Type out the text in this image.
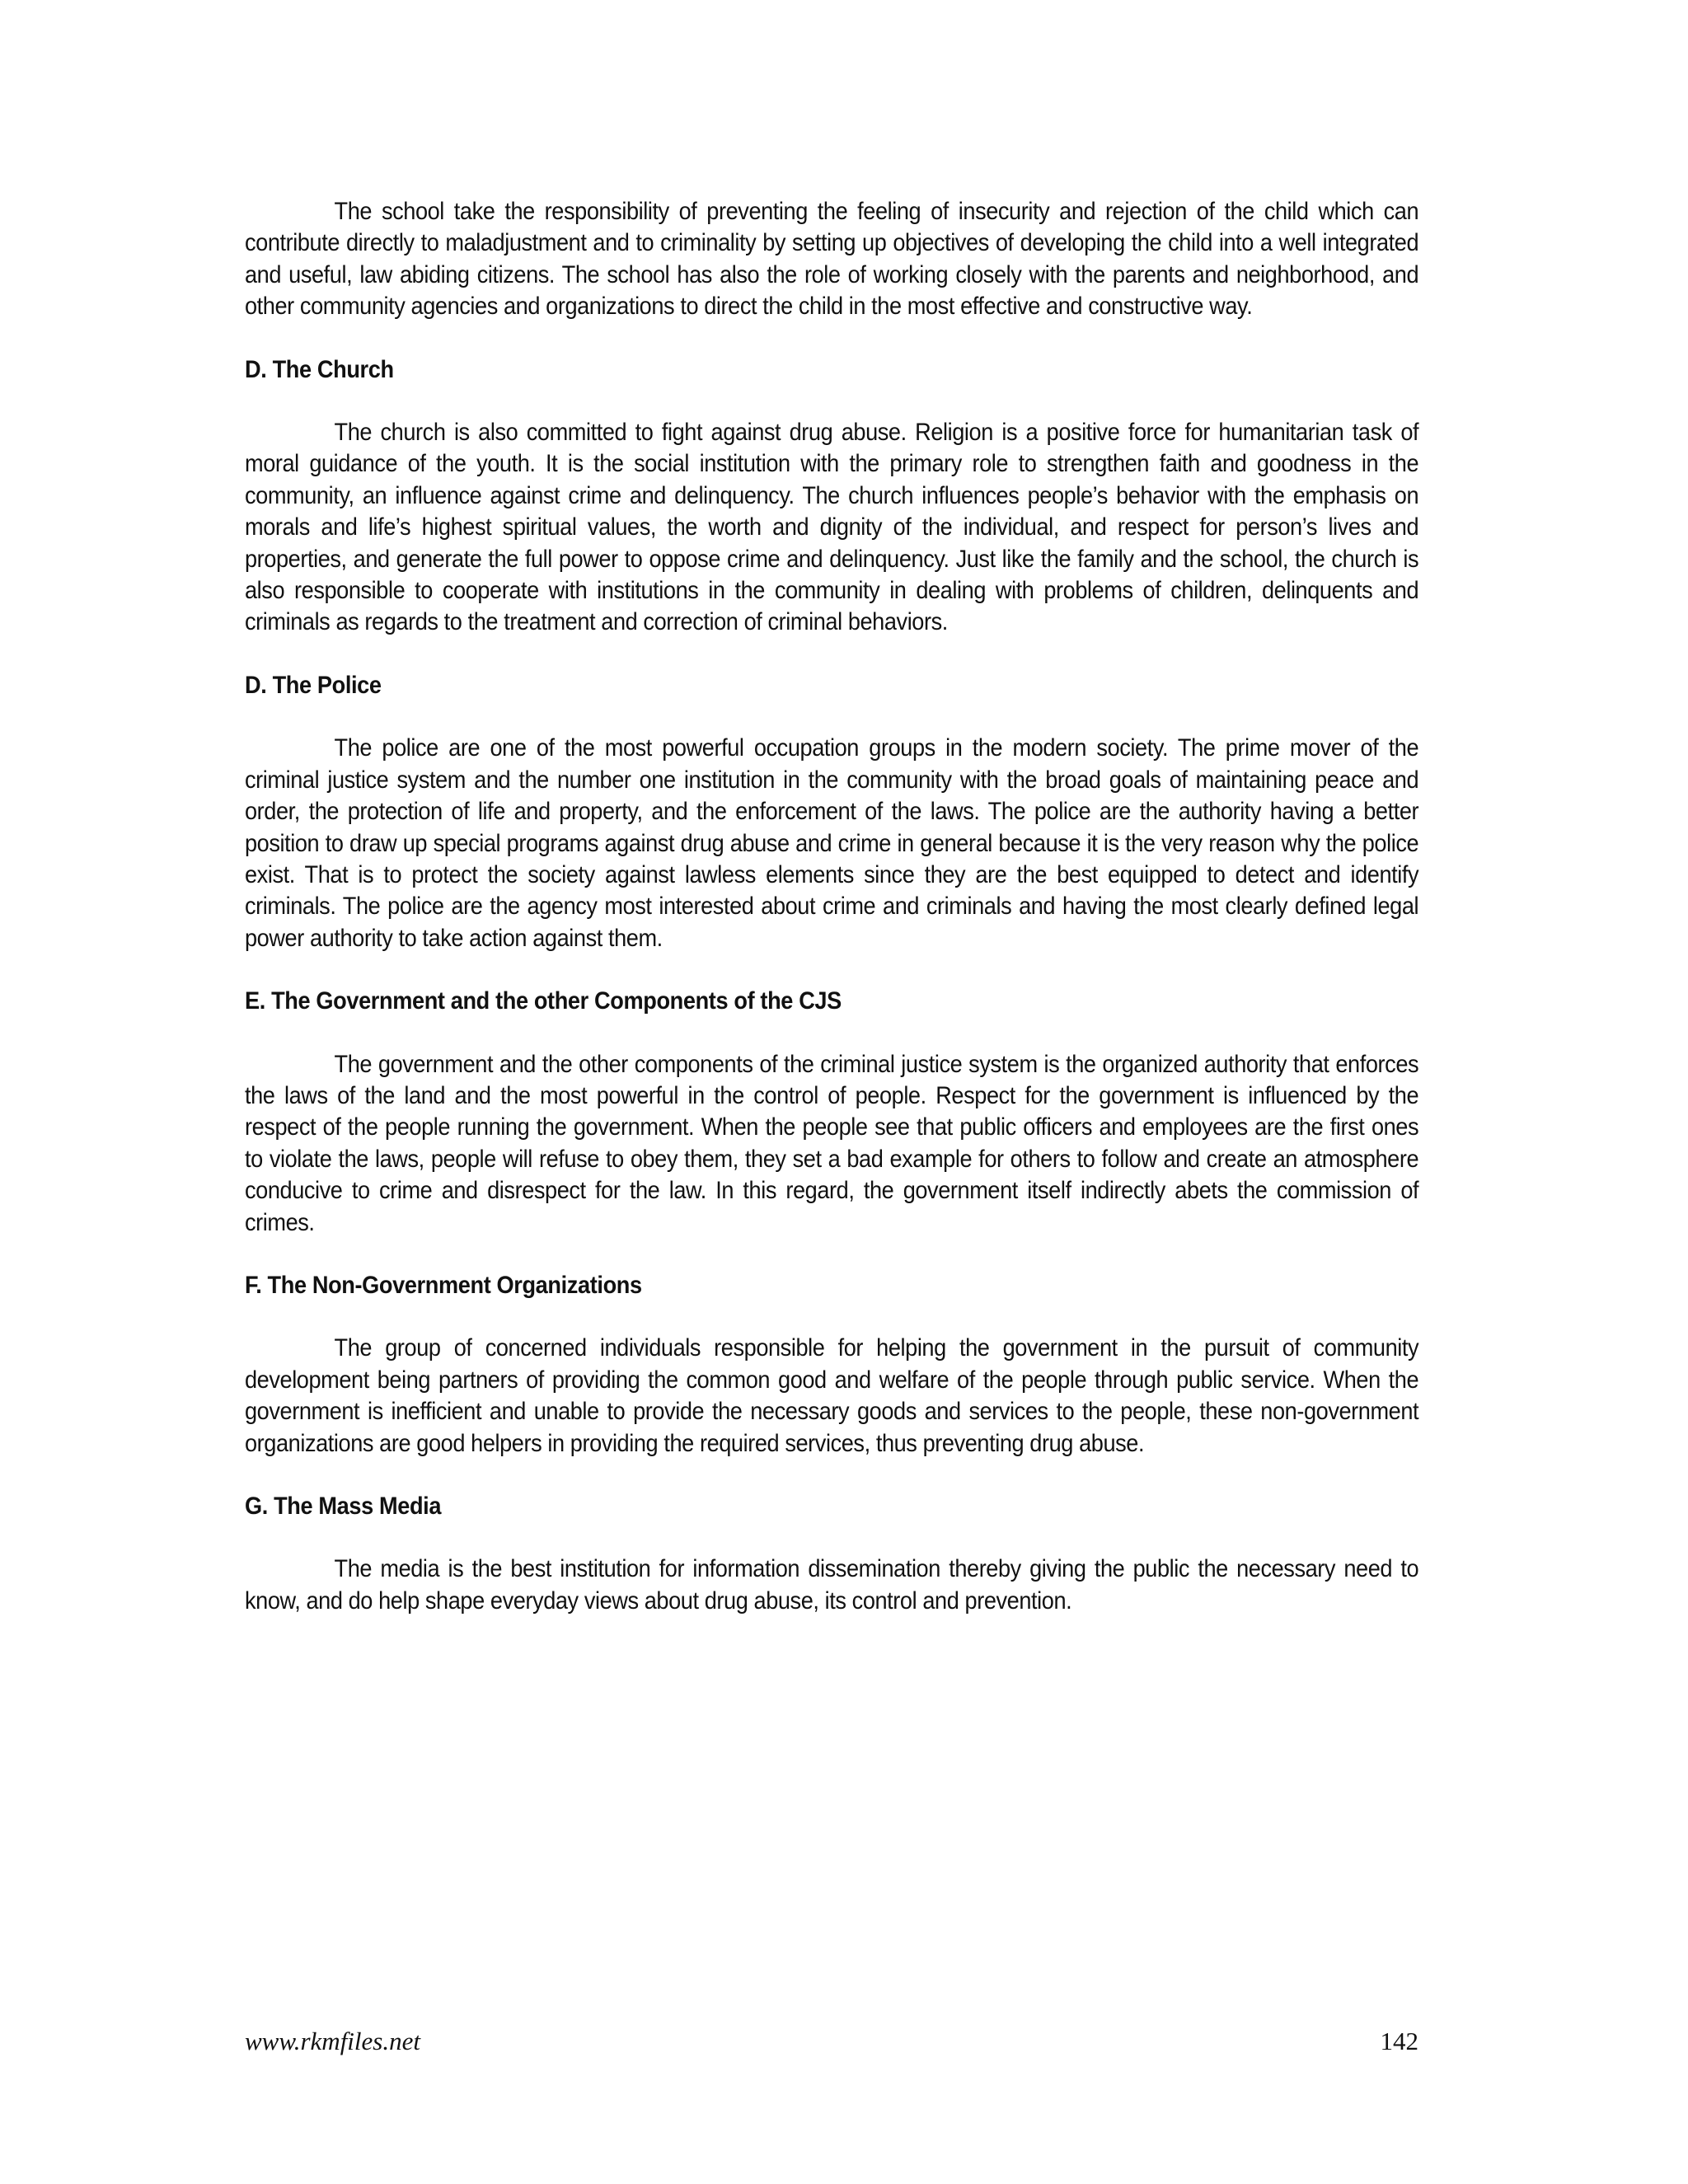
The school take the responsibility of preventing the feeling of insecurity and rejection of the child which can contribute directly to maladjustment and to criminality by setting up objectives of developing the child into a well integrated and useful, law abiding citizens. The school has also the role of working closely with the parents and neighborhood, and other community agencies and organizations to direct the child in the most effective and constructive way.

D. The Church

The church is also committed to fight against drug abuse. Religion is a positive force for humanitarian task of moral guidance of the youth. It is the social institution with the primary role to strengthen faith and goodness in the community, an influence against crime and delinquency. The church influences people’s behavior with the emphasis on morals and life’s highest spiritual values, the worth and dignity of the individual, and respect for person’s lives and properties, and generate the full power to oppose crime and delinquency. Just like the family and the school, the church is also responsible to cooperate with institutions in the community in dealing with problems of children, delinquents and criminals as regards to the treatment and correction of criminal behaviors.

D. The Police

The police are one of the most powerful occupation groups in the modern society. The prime mover of the criminal justice system and the number one institution in the community with the broad goals of maintaining peace and order, the protection of life and property, and the enforcement of the laws. The police are the authority having a better position to draw up special programs against drug abuse and crime in general because it is the very reason why the police exist. That is to protect the society against lawless elements since they are the best equipped to detect and identify criminals. The police are the agency most interested about crime and criminals and having the most clearly defined legal power authority to take action against them.

E. The Government and the other Components of the CJS

The government and the other components of the criminal justice system is the organized authority that enforces the laws of the land and the most powerful in the control of people. Respect for the government is influenced by the respect of the people running the government. When the people see that public officers and employees are the first ones to violate the laws, people will refuse to obey them, they set a bad example for others to follow and create an atmosphere conducive to crime and disrespect for the law. In this regard, the government itself indirectly abets the commission of crimes.

F. The Non-Government Organizations

The group of concerned individuals responsible for helping the government in the pursuit of community development being partners of providing the common good and welfare of the people through public service. When the government is inefficient and unable to provide the necessary goods and services to the people, these non-government organizations are good helpers in providing the required services, thus preventing drug abuse.

G. The Mass Media

The media is the best institution for information dissemination thereby giving the public the necessary need to know, and do help shape everyday views about drug abuse, its control and prevention.

www.rkmfiles.net	142
